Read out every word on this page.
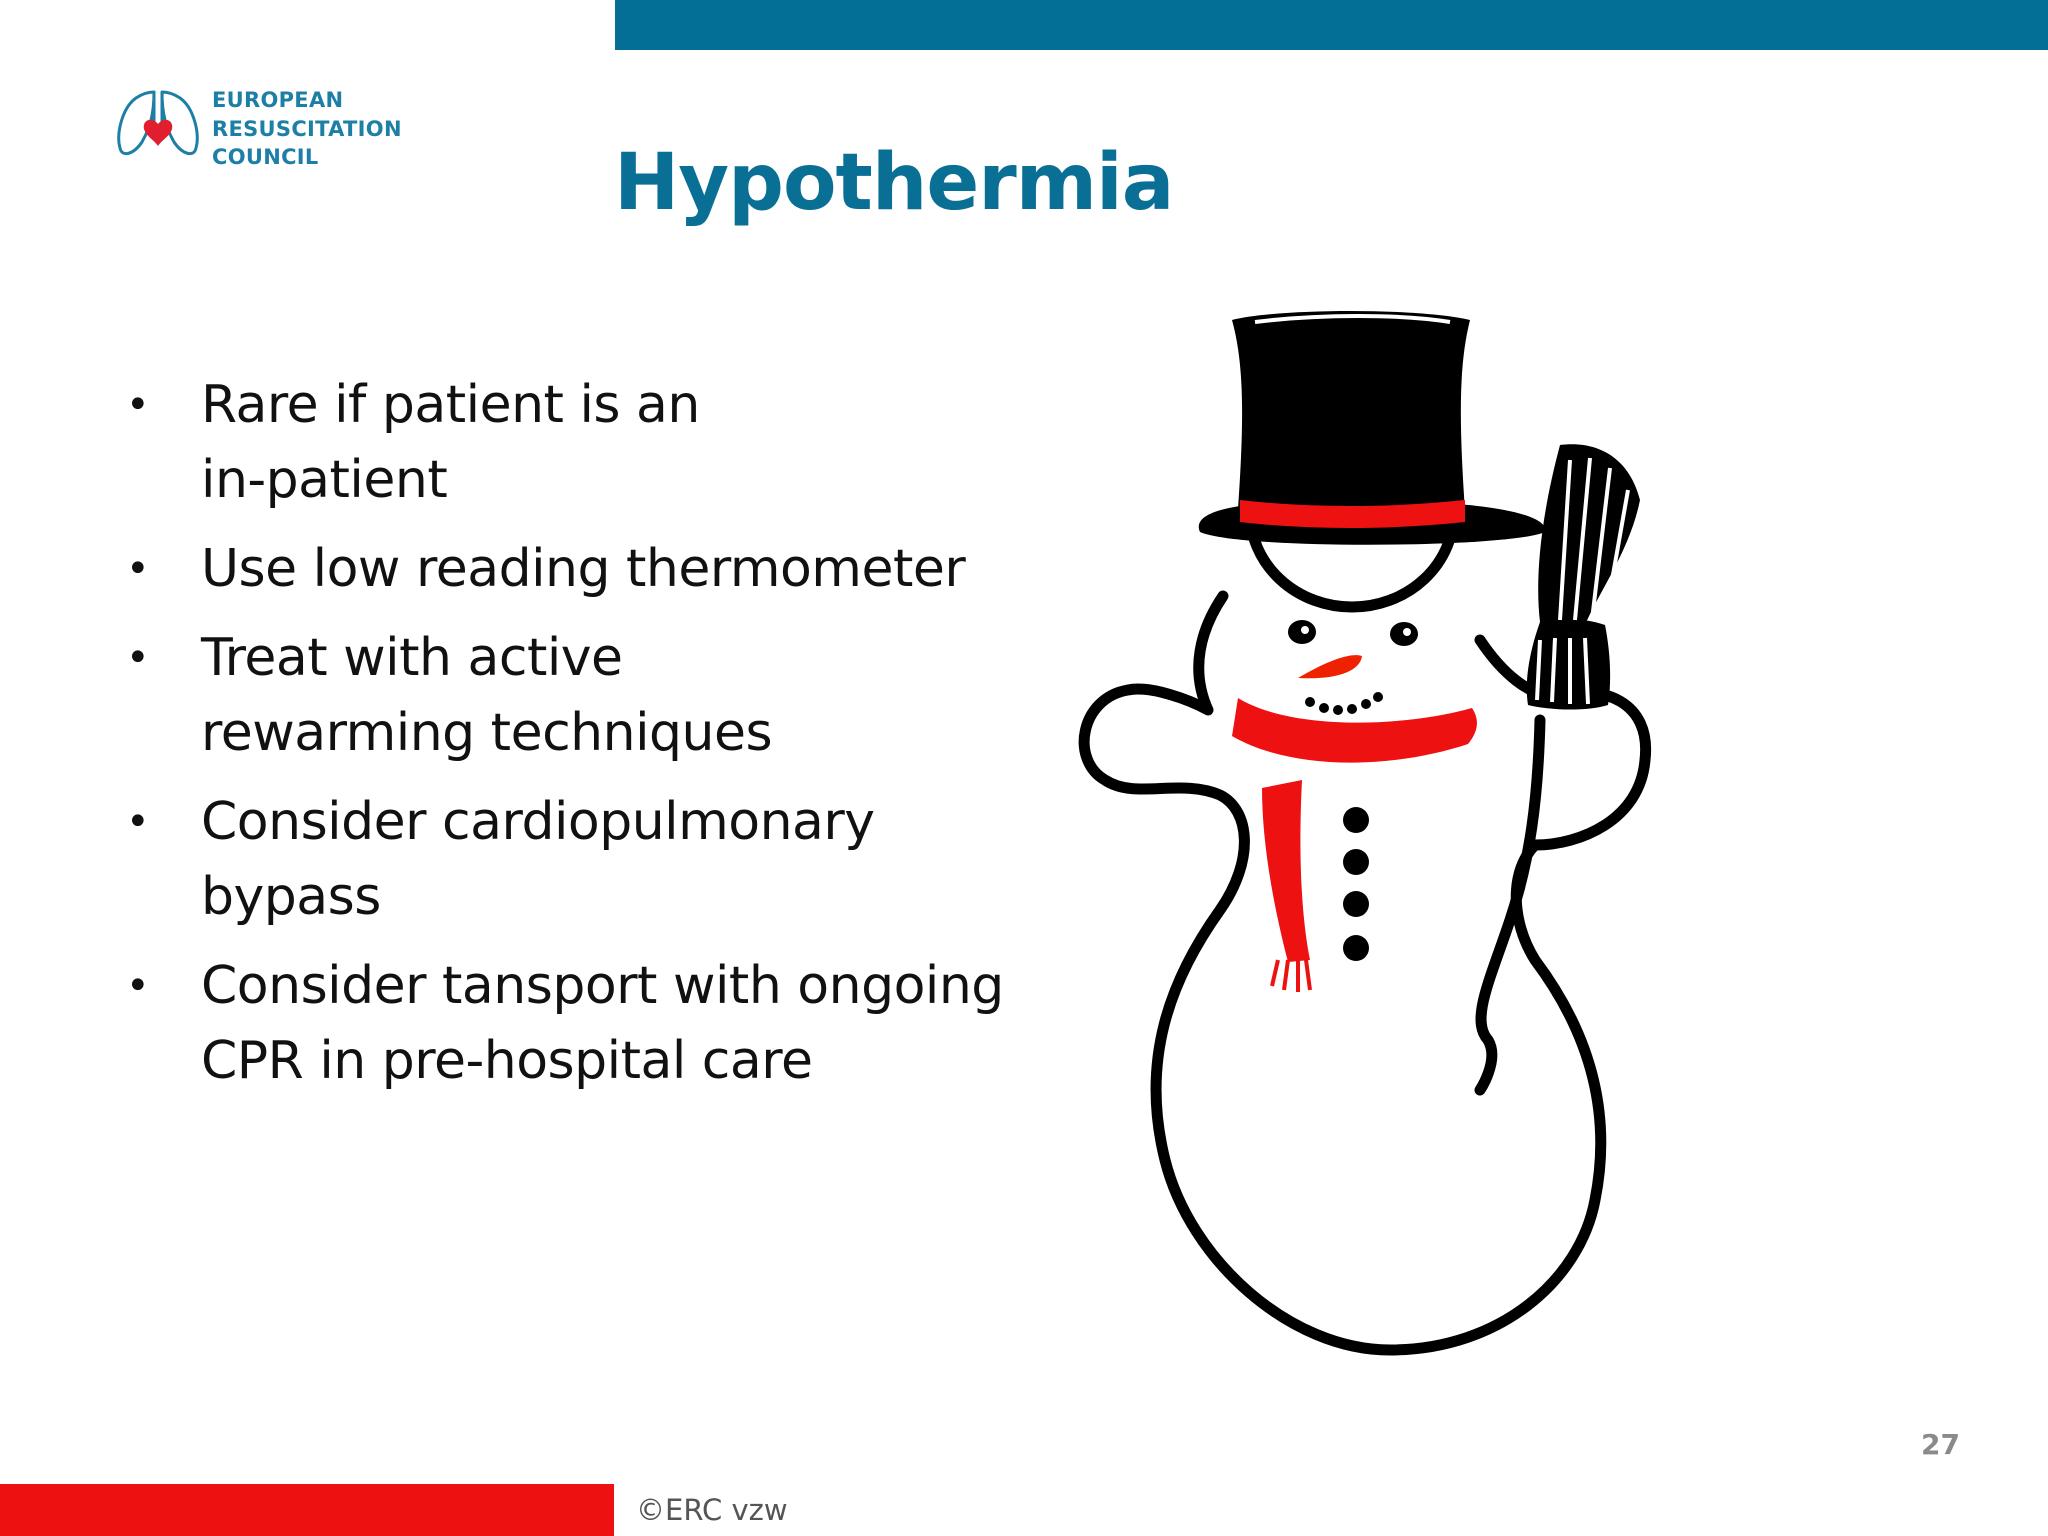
EUROPEAN
RESUSCITATION
COUNCIL	Hypothermia
• Rare if patient is an
in-patient
• Use low reading thermometer
• Treat with active
rewarming techniques
• Consider cardiopulmonary
bypass
• Consider tansport with ongoing
CPR in pre-hospital care
27
©ERC vzw
